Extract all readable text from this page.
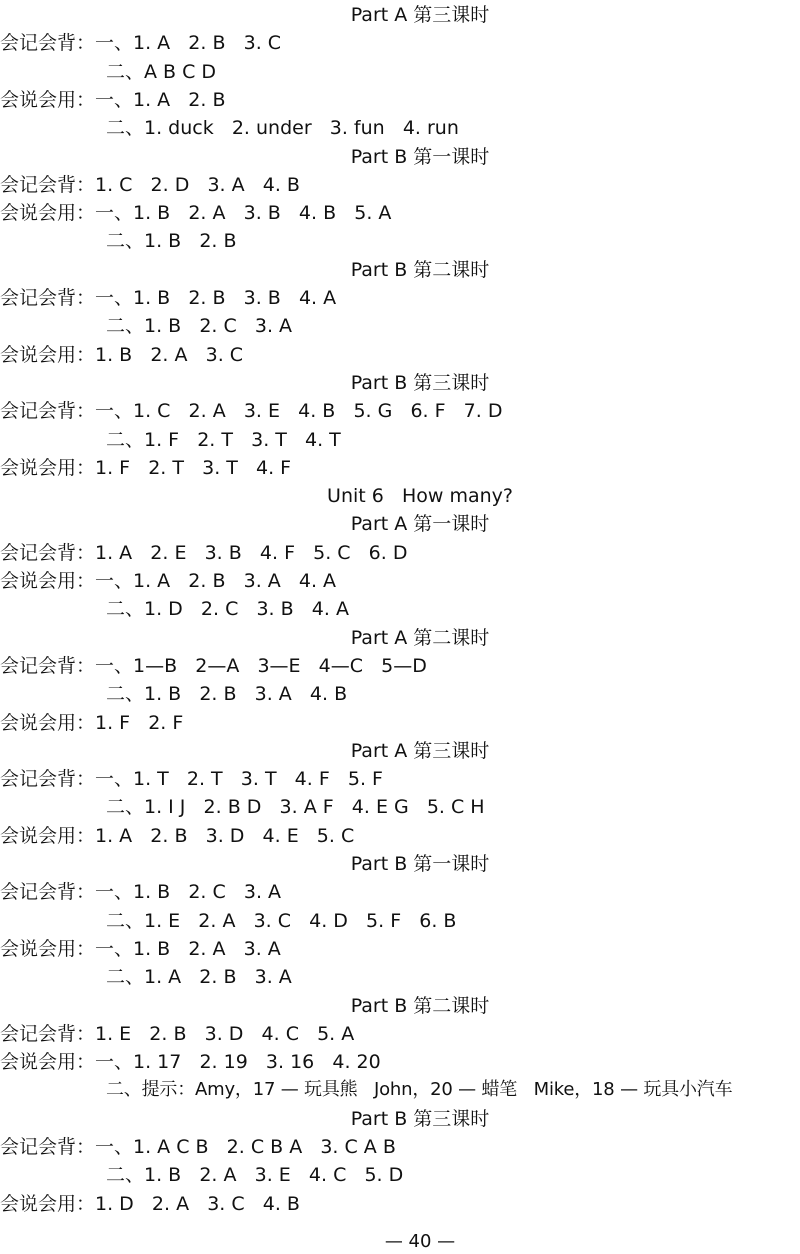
Part A 第三课时
会记会背：一、1. A   2. B   3. C
二、A B C D
会说会用：一、1. A   2. B
二、1. duck   2. under   3. fun   4. run
Part B 第一课时
会记会背：1. C   2. D   3. A   4. B
会说会用：一、1. B   2. A   3. B   4. B   5. A
二、1. B   2. B
Part B 第二课时
会记会背：一、1. B   2. B   3. B   4. A
二、1. B   2. C   3. A
会说会用：1. B   2. A   3. C
Part B 第三课时
会记会背：一、1. C   2. A   3. E   4. B   5. G   6. F   7. D
二、1. F   2. T   3. T   4. T
会说会用：1. F   2. T   3. T   4. F
Unit 6   How many?
Part A 第一课时
会记会背：1. A   2. E   3. B   4. F   5. C   6. D
会说会用：一、1. A   2. B   3. A   4. A
二、1. D   2. C   3. B   4. A
Part A 第二课时
会记会背：一、1—B   2—A   3—E   4—C   5—D
二、1. B   2. B   3. A   4. B
会说会用：1. F   2. F
Part A 第三课时
会记会背：一、1. T   2. T   3. T   4. F   5. F
二、1. I J   2. B D   3. A F   4. E G   5. C H
会说会用：1. A   2. B   3. D   4. E   5. C
Part B 第一课时
会记会背：一、1. B   2. C   3. A
二、1. E   2. A   3. C   4. D   5. F   6. B
会说会用：一、1. B   2. A   3. A
二、1. A   2. B   3. A
Part B 第二课时
会记会背：1. E   2. B   3. D   4. C   5. A
会说会用：一、1. 17   2. 19   3. 16   4. 20
二、提示：Amy，17 — 玩具熊   John，20 — 蜡笔   Mike，18 — 玩具小汽车
Part B 第三课时
会记会背：一、1. A C B   2. C B A   3. C A B
二、1. B   2. A   3. E   4. C   5. D
会说会用：1. D   2. A   3. C   4. B
— 40 —
